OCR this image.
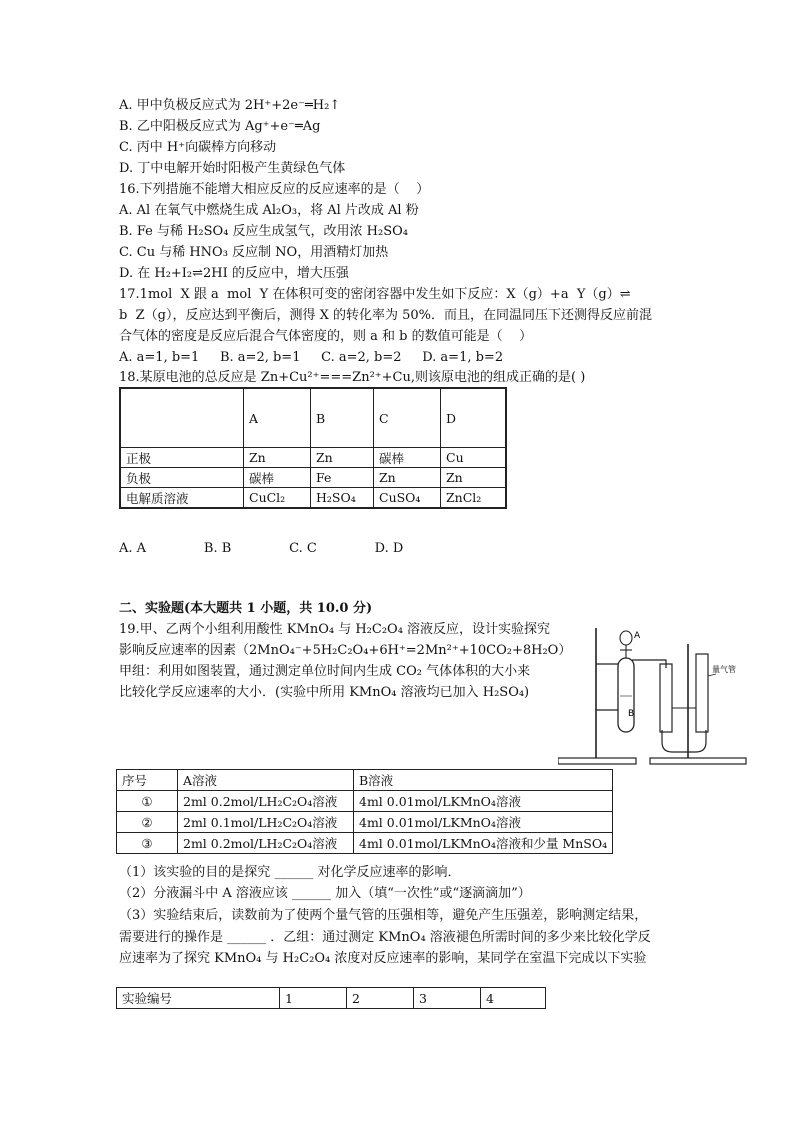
A. 甲中负极反应式为 2H⁺+2e⁻═H₂↑
B. 乙中阳极反应式为 Ag⁺+e⁻═Ag
C. 丙中 H⁺向碳棒方向移动
D. 丁中电解开始时阳极产生黄绿色气体
16.下列措施不能增大相应反应的反应速率的是（    ）
A. Al 在氧气中燃烧生成 Al₂O₃，将 Al 片改成 Al 粉
B. Fe 与稀 H₂SO₄ 反应生成氢气，改用浓 H₂SO₄
C. Cu 与稀 HNO₃ 反应制 NO，用酒精灯加热
D. 在 H₂+I₂⇌2HI 的反应中，增大压强
17.1mol  X 跟 a  mol  Y 在体积可变的密闭容器中发生如下反应：X（g）+a  Y（g）⇌
b  Z（g），反应达到平衡后，测得 X 的转化率为 50%．而且，在同温同压下还测得反应前混
合气体的密度是反应后混合气体密度的，则 a 和 b 的数值可能是（    ）
A. a=1, b=1     B. a=2, b=1     C. a=2, b=2     D. a=1, b=2
18.某原电池的总反应是 Zn+Cu²⁺===Zn²⁺+Cu,则该原电池的组成正确的是( )
	A	B	C	D
正极	Zn	Zn	碳棒	Cu
负极	碳棒	Fe	Zn	Zn
电解质溶液	CuCl₂	H₂SO₄	CuSO₄	ZnCl₂
A. A              B. B              C. C              D. D
二、实验题(本大题共 1 小题，共 10.0 分)
19.甲、乙两个小组利用酸性 KMnO₄ 与 H₂C₂O₄ 溶液反应，设计实验探究
影响反应速率的因素（2MnO₄⁻+5H₂C₂O₄+6H⁺=2Mn²⁺+10CO₂+8H₂O）
甲组：利用如图装置，通过测定单位时间内生成 CO₂ 气体体积的大小来
比较化学反应速率的大小．(实验中所用 KMnO₄ 溶液均已加入 H₂SO₄)
A
B
量气管
序号	A溶液	B溶液
①	2ml 0.2mol/LH₂C₂O₄溶液	4ml 0.01mol/LKMnO₄溶液
②	2ml 0.1mol/LH₂C₂O₄溶液	4ml 0.01mol/LKMnO₄溶液
③	2ml 0.2mol/LH₂C₂O₄溶液	4ml 0.01mol/LKMnO₄溶液和少量 MnSO₄
（1）该实验的目的是探究 ______ 对化学反应速率的影响．
（2）分液漏斗中 A 溶液应该 ______ 加入（填“一次性”或“逐滴滴加”）
（3）实验结束后，读数前为了使两个量气管的压强相等，避免产生压强差，影响测定结果，
需要进行的操作是 ______ ．乙组：通过测定 KMnO₄ 溶液褪色所需时间的多少来比较化学反
应速率为了探究 KMnO₄ 与 H₂C₂O₄ 浓度对反应速率的影响，某同学在室温下完成以下实验
实验编号	1	2	3	4
